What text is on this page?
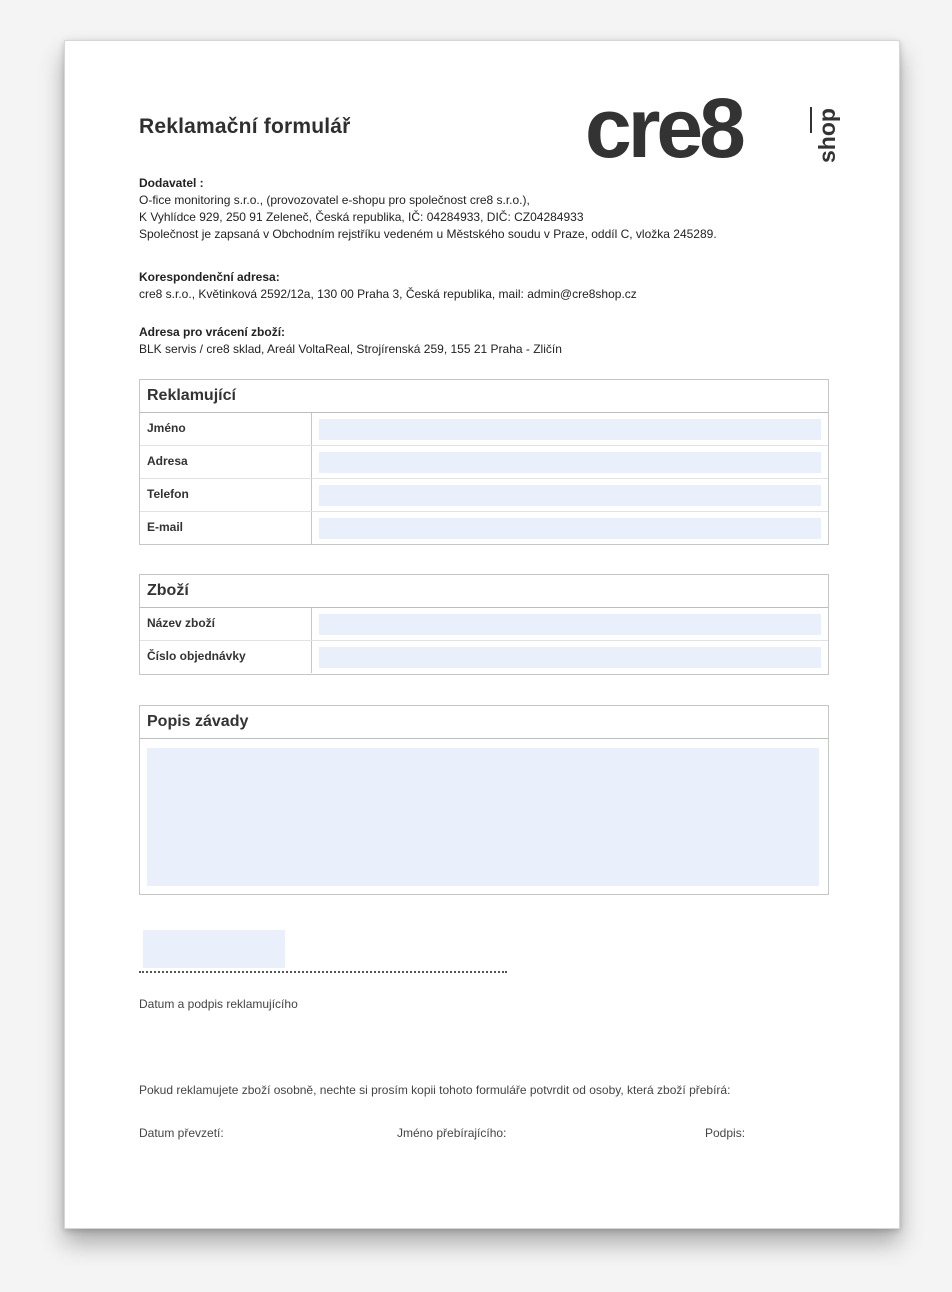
Reklamační formulář	cre8	shop
Dodavatel :
O-fice monitoring s.r.o., (provozovatel e-shopu pro společnost cre8 s.r.o.),
K Vyhlídce 929, 250 91 Zeleneč, Česká republika, IČ: 04284933, DIČ: CZ04284933
Společnost je zapsaná v Obchodním rejstříku vedeném u Městského soudu v Praze, oddíl C, vložka 245289.
Korespondenční adresa:
cre8 s.r.o., Květinková 2592/12a, 130 00 Praha 3, Česká republika, mail: admin@cre8shop.cz
Adresa pro vrácení zboží:
BLK servis / cre8 sklad, Areál VoltaReal, Strojírenská 259, 155 21 Praha - Zličín
Reklamující
Jméno
Adresa
Telefon
E-mail
Zboží
Název zboží
Číslo objednávky
Popis závady
Datum a podpis reklamujícího
Pokud reklamujete zboží osobně, nechte si prosím kopii tohoto formuláře potvrdit od osoby, která zboží přebírá:
Datum převzetí:	Jméno přebírajícího:	Podpis:
